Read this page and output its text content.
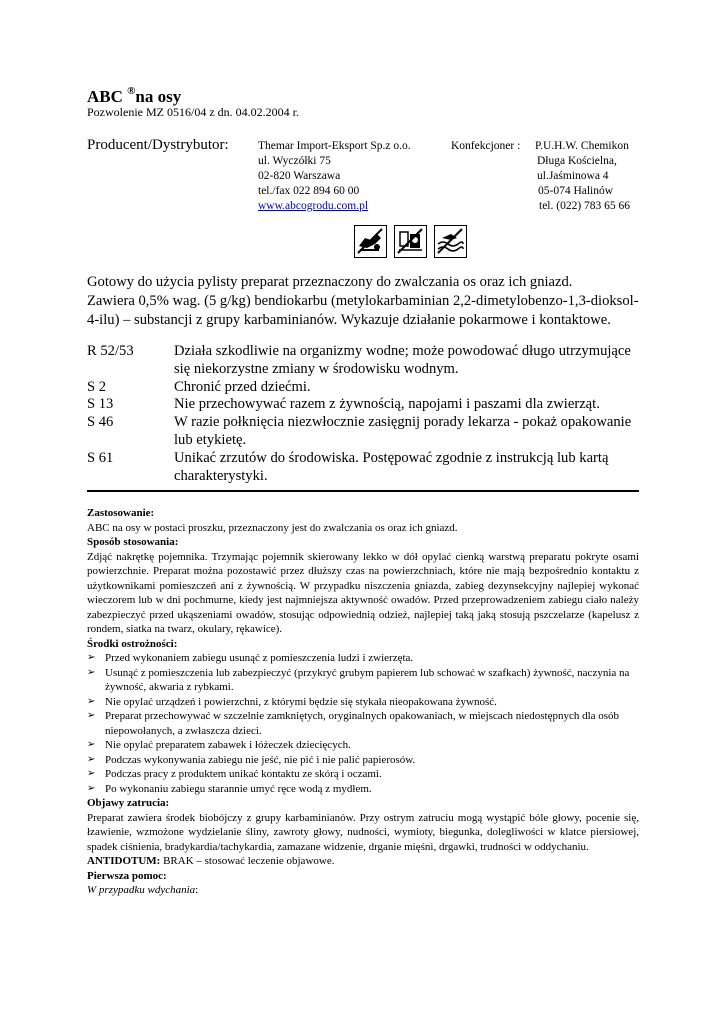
ABC ®na osy
Pozwolenie MZ 0516/04 z dn. 04.02.2004 r.
Producent/Dystrybutor:	Themar Import-Eksport Sp.z o.o.
ul. Wyczółki 75
02-820 Warszawa
tel./fax 022 894 60 00
www.abcogrodu.com.pl
Konfekcjoner : P.U.H.W. Chemikon
Długa Kościelna,
ul.Jaśminowa 4
05-074 Halinów
tel. (022) 783 65 66
Gotowy do użycia pylisty preparat przeznaczony do zwalczania os oraz ich gniazd.
Zawiera 0,5% wag. (5 g/kg) bendiokarbu (metylokarbaminian 2,2-dimetylobenzo-1,3-dioksol-4-ilu) – substancji z grupy karbaminianów. Wykazuje działanie pokarmowe i kontaktowe.
R 52/53	Działa szkodliwie na organizmy wodne; może powodować długo utrzymujące się niekorzystne zmiany w środowisku wodnym.
S 2	Chronić przed dziećmi.
S 13	Nie przechowywać razem z żywnością, napojami i paszami dla zwierząt.
S 46	W razie połknięcia niezwłocznie zasięgnij porady lekarza - pokaż opakowanie lub etykietę.
S 61	Unikać zrzutów do środowiska. Postępować zgodnie z instrukcją lub kartą charakterystyki.

Zastosowanie:

ABC na osy w postaci proszku, przeznaczony jest do zwalczania os oraz ich gniazd.

Sposób stosowania:

Zdjąć nakrętkę pojemnika. Trzymając pojemnik skierowany lekko w dół opylać cienką warstwą preparatu pokryte osami powierzchnie. Preparat można pozostawić przez dłuższy czas na powierzchniach, które nie mają bezpośrednio kontaktu z użytkownikami pomieszczeń ani z żywnością. W przypadku niszczenia gniazda, zabieg dezynsekcyjny najlepiej wykonać wieczorem lub w dni pochmurne, kiedy jest najmniejsza aktywność owadów. Przed przeprowadzeniem zabiegu ciało należy zabezpieczyć przed ukąszeniami owadów, stosując odpowiednią odzież, najlepiej taką jaką stosują pszczelarze (kapelusz z rondem, siatka na twarz, okulary, rękawice).

Środki ostrożności:

➢ Przed wykonaniem zabiegu usunąć z pomieszczenia ludzi i zwierzęta.
➢ Usunąć z pomieszczenia lub zabezpieczyć (przykryć grubym papierem lub schować w szafkach) żywność, naczynia na żywność, akwaria z rybkami.
➢ Nie opylać urządzeń i powierzchni, z którymi będzie się stykała nieopakowana żywność.
➢ Preparat przechowywać w szczelnie zamkniętych, oryginalnych opakowaniach, w miejscach niedostępnych dla osób niepowołanych, a zwłaszcza dzieci.
➢ Nie opylać preparatem zabawek i łóżeczek dziecięcych.
➢ Podczas wykonywania zabiegu nie jeść, nie pić i nie palić papierosów.
➢ Podczas pracy z produktem unikać kontaktu ze skórą i oczami.
➢ Po wykonaniu zabiegu starannie umyć ręce wodą z mydłem.

Objawy zatrucia:

Preparat zawiera środek biobójczy z grupy karbaminianów. Przy ostrym zatruciu mogą wystąpić bóle głowy, pocenie się, łzawienie, wzmożone wydzielanie śliny, zawroty głowy, nudności, wymioty, biegunka, dolegliwości w klatce piersiowej, spadek ciśnienia, bradykardia/tachykardia, zamazane widzenie, drganie mięśni, drgawki, trudności w oddychaniu.

ANTIDOTUM: BRAK – stosować leczenie objawowe.

Pierwsza pomoc:

W przypadku wdychania:
